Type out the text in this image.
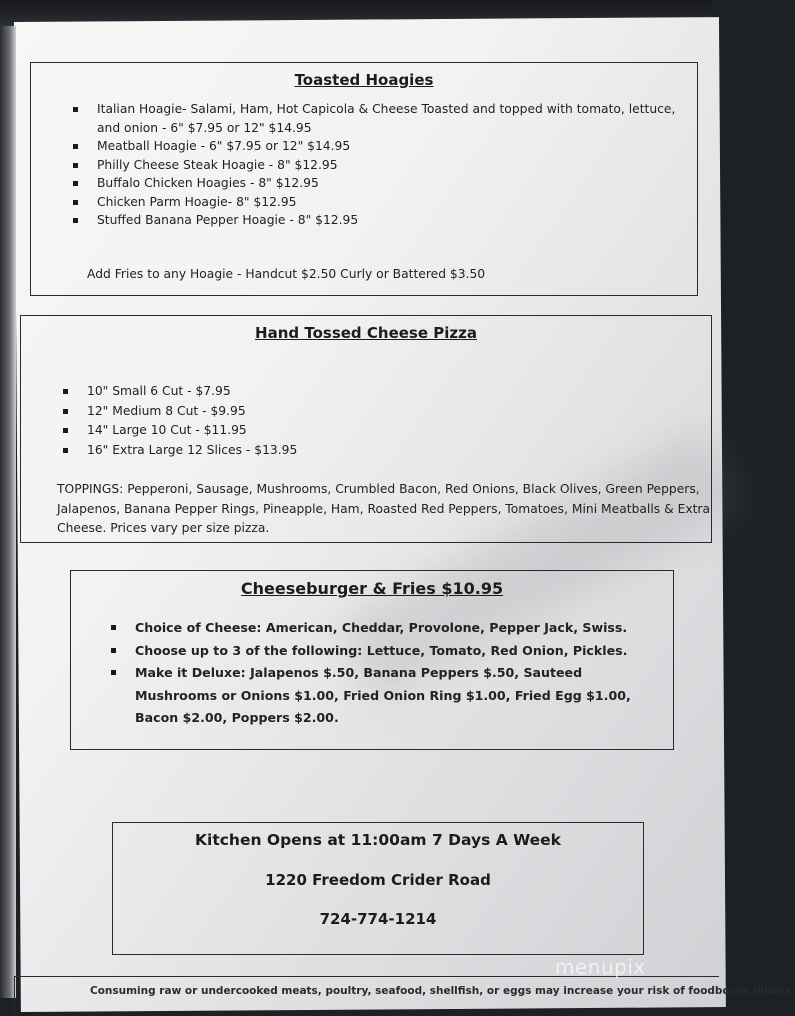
Toasted Hoagies
Italian Hoagie- Salami, Ham, Hot Capicola & Cheese Toasted and topped with tomato, lettuce, and onion - 6" $7.95 or 12" $14.95
Meatball Hoagie - 6" $7.95 or 12" $14.95
Philly Cheese Steak Hoagie - 8" $12.95
Buffalo Chicken Hoagies - 8" $12.95
Chicken Parm Hoagie- 8" $12.95
Stuffed Banana Pepper Hoagie - 8" $12.95
Add Fries to any Hoagie - Handcut $2.50 Curly or Battered $3.50
Hand Tossed Cheese Pizza
10" Small 6 Cut - $7.95
12" Medium 8 Cut - $9.95
14" Large 10 Cut - $11.95
16" Extra Large 12 Slices - $13.95
TOPPINGS: Pepperoni, Sausage, Mushrooms, Crumbled Bacon, Red Onions, Black Olives, Green Peppers, Jalapenos, Banana Pepper Rings, Pineapple, Ham, Roasted Red Peppers, Tomatoes, Mini Meatballs & Extra Cheese. Prices vary per size pizza.
Cheeseburger & Fries $10.95
Choice of Cheese: American, Cheddar, Provolone, Pepper Jack, Swiss.
Choose up to 3 of the following: Lettuce, Tomato, Red Onion, Pickles.
Make it Deluxe: Jalapenos $.50, Banana Peppers $.50, Sauteed Mushrooms or Onions $1.00, Fried Onion Ring $1.00, Fried Egg $1.00, Bacon $2.00, Poppers $2.00.
Kitchen Opens at 11:00am 7 Days A Week
1220 Freedom Crider Road
724-774-1214
Consuming raw or undercooked meats, poultry, seafood, shellfish, or eggs may increase your risk of foodborne illness.
menupix
